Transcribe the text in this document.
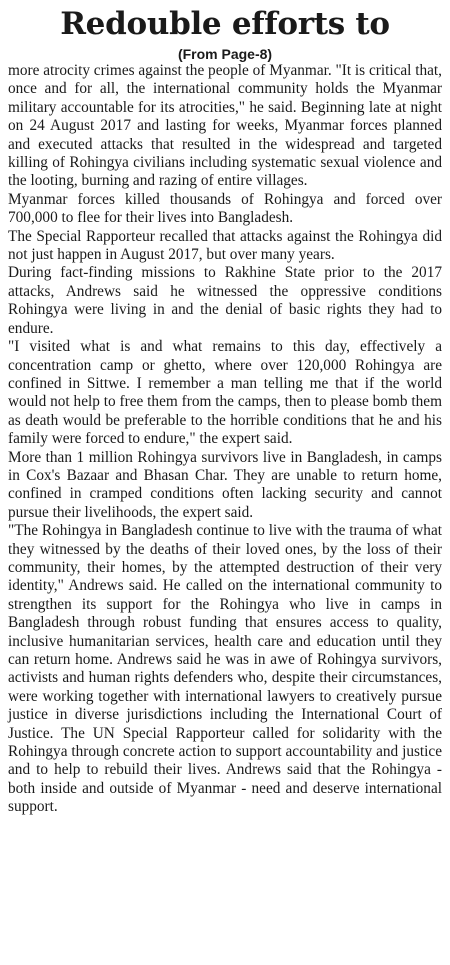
Redouble efforts to
(From Page-8)

more atrocity crimes against the people of Myanmar. "It is critical that, once and for all, the international community holds the Myanmar military accountable for its atrocities," he said. Beginning late at night on 24 August 2017 and lasting for weeks, Myanmar forces planned and executed attacks that resulted in the widespread and targeted killing of Rohingya civilians including systematic sexual violence and the looting, burning and razing of entire villages.

Myanmar forces killed thousands of Rohingya and forced over 700,000 to flee for their lives into Bangladesh.

The Special Rapporteur recalled that attacks against the Rohingya did not just happen in August 2017, but over many years.

During fact-finding missions to Rakhine State prior to the 2017 attacks, Andrews said he witnessed the oppressive conditions Rohingya were living in and the denial of basic rights they had to endure.

"I visited what is and what remains to this day, effectively a concentration camp or ghetto, where over 120,000 Rohingya are confined in Sittwe. I remember a man telling me that if the world would not help to free them from the camps, then to please bomb them as death would be preferable to the horrible conditions that he and his family were forced to endure," the expert said.

More than 1 million Rohingya survivors live in Bangladesh, in camps in Cox's Bazaar and Bhasan Char. They are unable to return home, confined in cramped conditions often lacking security and cannot pursue their livelihoods, the expert said.

"The Rohingya in Bangladesh continue to live with the trauma of what they witnessed by the deaths of their loved ones, by the loss of their community, their homes, by the attempted destruction of their very identity," Andrews said. He called on the international community to strengthen its support for the Rohingya who live in camps in Bangladesh through robust funding that ensures access to quality, inclusive humanitarian services, health care and education until they can return home. Andrews said he was in awe of Rohingya survivors, activists and human rights defenders who, despite their circumstances, were working together with international lawyers to creatively pursue justice in diverse jurisdictions including the International Court of Justice. The UN Special Rapporteur called for solidarity with the Rohingya through concrete action to support accountability and justice and to help to rebuild their lives. Andrews said that the Rohingya - both inside and outside of Myanmar - need and deserve international support.
